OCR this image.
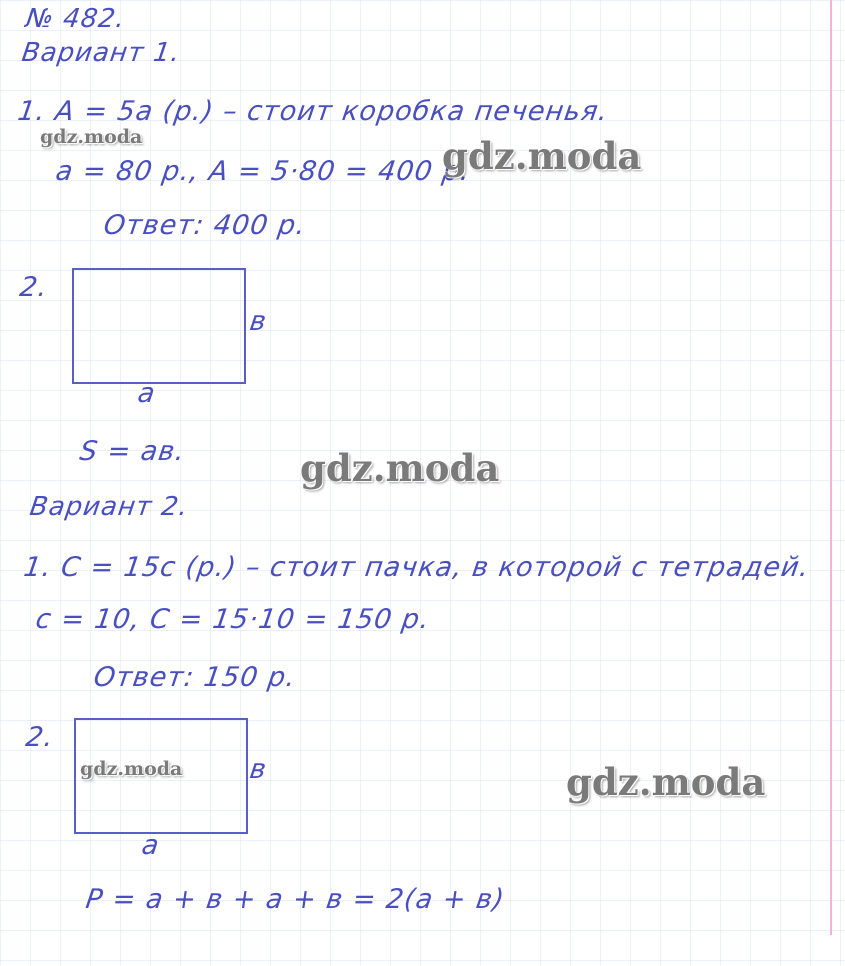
№ 482.
Вариант 1.
1. A = 5a (р.) – стоит коробка печенья.
a = 80 р., A = 5·80 = 400 р.
Ответ: 400 р.
2.
в
a
S = aв.
Вариант 2.
1. C = 15c (р.) – стоит пачка, в которой c тетрадей.
c = 10, C = 15·10 = 150 р.
Ответ: 150 р.
2.
в
a
P = a + в + a + в = 2(a + в)
gdz.moda	gdz.moda
gdz.moda
gdz.moda	gdz.moda
